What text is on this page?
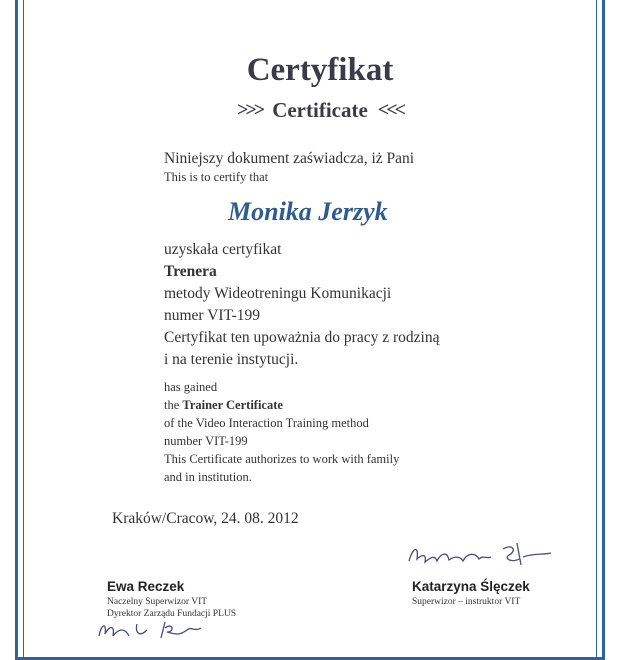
Certyfikat
>>> Certificate <<<
Niniejszy dokument zaświadcza, iż Pani
This is to certify that
Monika Jerzyk
uzyskała certyfikat
Trenera
metody Wideotreningu Komunikacji
numer VIT-199
Certyfikat ten upoważnia do pracy z rodziną
i na terenie instytucji.
has gained
the Trainer Certificate
of the Video Interaction Training method
number VIT-199
This Certificate authorizes to work with family
and in institution.
Kraków/Cracow, 24. 08. 2012
Ewa Reczek
Naczelny Superwizor VIT
Dyrektor Zarządu Fundacji PLUS
Katarzyna Ślęczek
Superwizor – instruktor VIT
